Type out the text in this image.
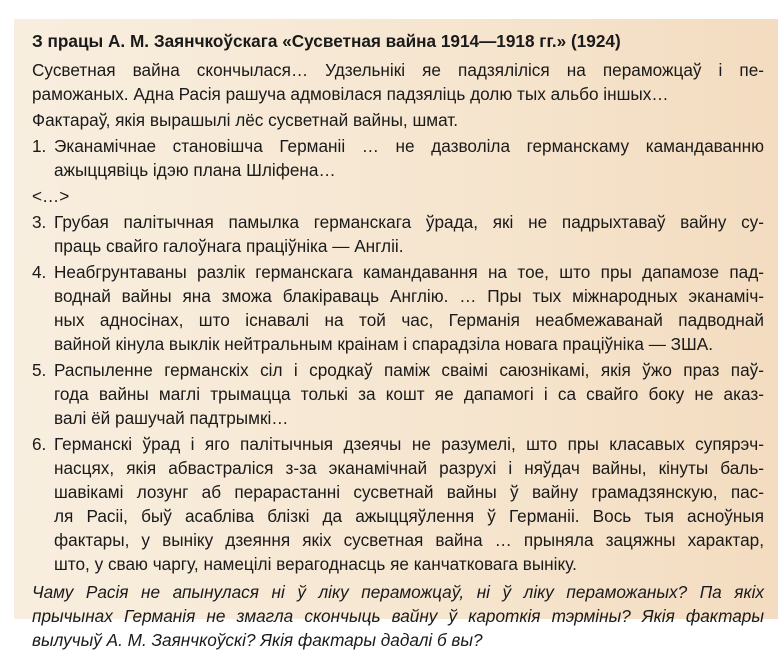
З працы А. М. Заянчкоўскага «Сусветная вайна 1914—1918 гг.» (1924)
Сусветная вайна скончылася… Удзельнікі яе падзяліліся на пераможцаў і пе-
раможаных. Адна Расія рашуча адмовілася падзяліць долю тых альбо іншых…
Фактараў, якія вырашылі лёс сусветнай вайны, шмат.
1. Эканамічнае становішча Германіі … не дазволіла германскаму камандаванню
ажыццявіць ідэю плана Шліфена…
<…>
3. Грубая палітычная памылка германскага ўрада, які не падрыхтаваў вайну су-
праць свайго галоўнага праціўніка — Англіі.
4. Неабгрунтаваны разлік германскага камандавання на тое, што пры дапамозе пад-
воднай вайны яна зможа блакіраваць Англію. … Пры тых міжнародных эканаміч-
ных адносінах, што існавалі на той час, Германія неабмежаванай падводнай
вайной кінула выклік нейтральным краінам і спарадзіла новага праціўніка — ЗША.
5. Распыленне германскіх сіл і сродкаў паміж сваімі саюзнікамі, якія ўжо праз паў-
года вайны маглі трымацца толькі за кошт яе дапамогі і са свайго боку не аказ-
валі ёй рашучай падтрымкі…
6. Германскі ўрад і яго палітычныя дзеячы не разумелі, што пры класавых супярэч-
насцях, якія абвастраліся з-за эканамічнай разрухі і няўдач вайны, кінуты баль-
шавікамі лозунг аб перарастанні сусветнай вайны ў вайну грамадзянскую, пас-
ля Расіі, быў асабліва блізкі да ажыццяўлення ў Германіі. Вось тыя асноўныя
фактары, у выніку дзеяння якіх сусветная вайна … прыняла зацяжны характар,
што, у сваю чаргу, намецілі верагоднасць яе канчатковага выніку.
Чаму Расія не апынулася ні ў ліку пераможцаў, ні ў ліку пераможаных? Па якіх
прычынах Германія не змагла скончыць вайну ў кароткія тэрміны? Якія фактары
вылучыў А. М. Заянчкоўскі? Якія фактары дадалі б вы?
